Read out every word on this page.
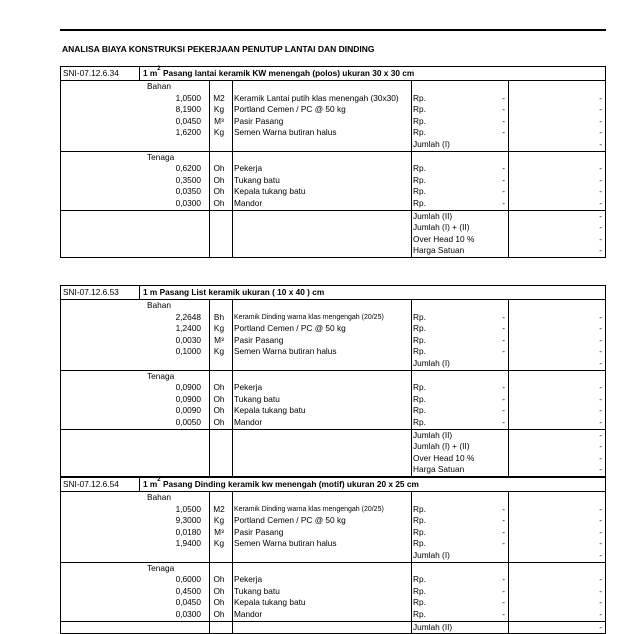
ANALISA BIAYA KONSTRUKSI PEKERJAAN PENUTUP LANTAI DAN DINDING
SNI-07.12.6.34	1 $m^2$ Pasang lantai keramik KW menengah (polos) ukuran 30 x 30 cm
Bahan
1,0500	M2	Keramik Lantai putih klas menengah (30x30) Rp.	-	-
8,1900	Kg	Portland Cemen / PC @ 50 kg	Rp.	-	-
0,0450	M³	Pasir Pasang	Rp.	-	-
1,6200	Kg	Semen Warna butiran halus	Rp.	-	-
Jumlah (I)	-
Tenaga
0,6200	Oh	Pekerja	Rp.	-	-
0,3500	Oh	Tukang batu	Rp.	-	-
0,0350	Oh	Kepala tukang batu	Rp.	-	-
0,0300	Oh	Mandor	Rp.	-	-
Jumlah (II)	-
Jumlah (I) + (II)	-
Over Head 10 %	-
Harga Satuan	-
SNI-07.12.6.53	1 m Pasang List keramik ukuran ( 10 x 40 ) cm
Bahan
2,2648	Bh	Keramik Dinding warna klas mengengah (20/25)	Rp.	-	-
1,2400	Kg	Portland Cemen / PC @ 50 kg	Rp.	-	-
0,0030	M³	Pasir Pasang	Rp.	-	-
0,1000	Kg	Semen Warna butiran halus	Rp.	-	-
Jumlah (I)	-
Tenaga
0,0900	Oh	Pekerja	Rp.	-	-
0,0900	Oh	Tukang batu	Rp.	-	-
0,0090	Oh	Kepala tukang batu	Rp.	-	-
0,0050	Oh	Mandor	Rp.	-	-
Jumlah (II)	-
Jumlah (I) + (II)	-
Over Head 10 %	-
Harga Satuan	-
SNI-07.12.6.54	1 $m^2$ Pasang Dinding keramik kw menengah (motif) ukuran 20 x 25 cm
Bahan
1,0500	M2	Keramik Dinding warna klas mengengah (20/25)	Rp.	-	-
9,3000	Kg	Portland Cemen / PC @ 50 kg	Rp.	-	-
0,0180	M³	Pasir Pasang	Rp.	-	-
1,9400	Kg	Semen Warna butiran halus	Rp.	-	-
Jumlah (I)	-
Tenaga
0,6000	Oh	Pekerja	Rp.	-	-
0,4500	Oh	Tukang batu	Rp.	-	-
0,0450	Oh	Kepala tukang batu	Rp.	-	-
0,0300	Oh	Mandor	Rp.	-	-
Jumlah (II)	-
